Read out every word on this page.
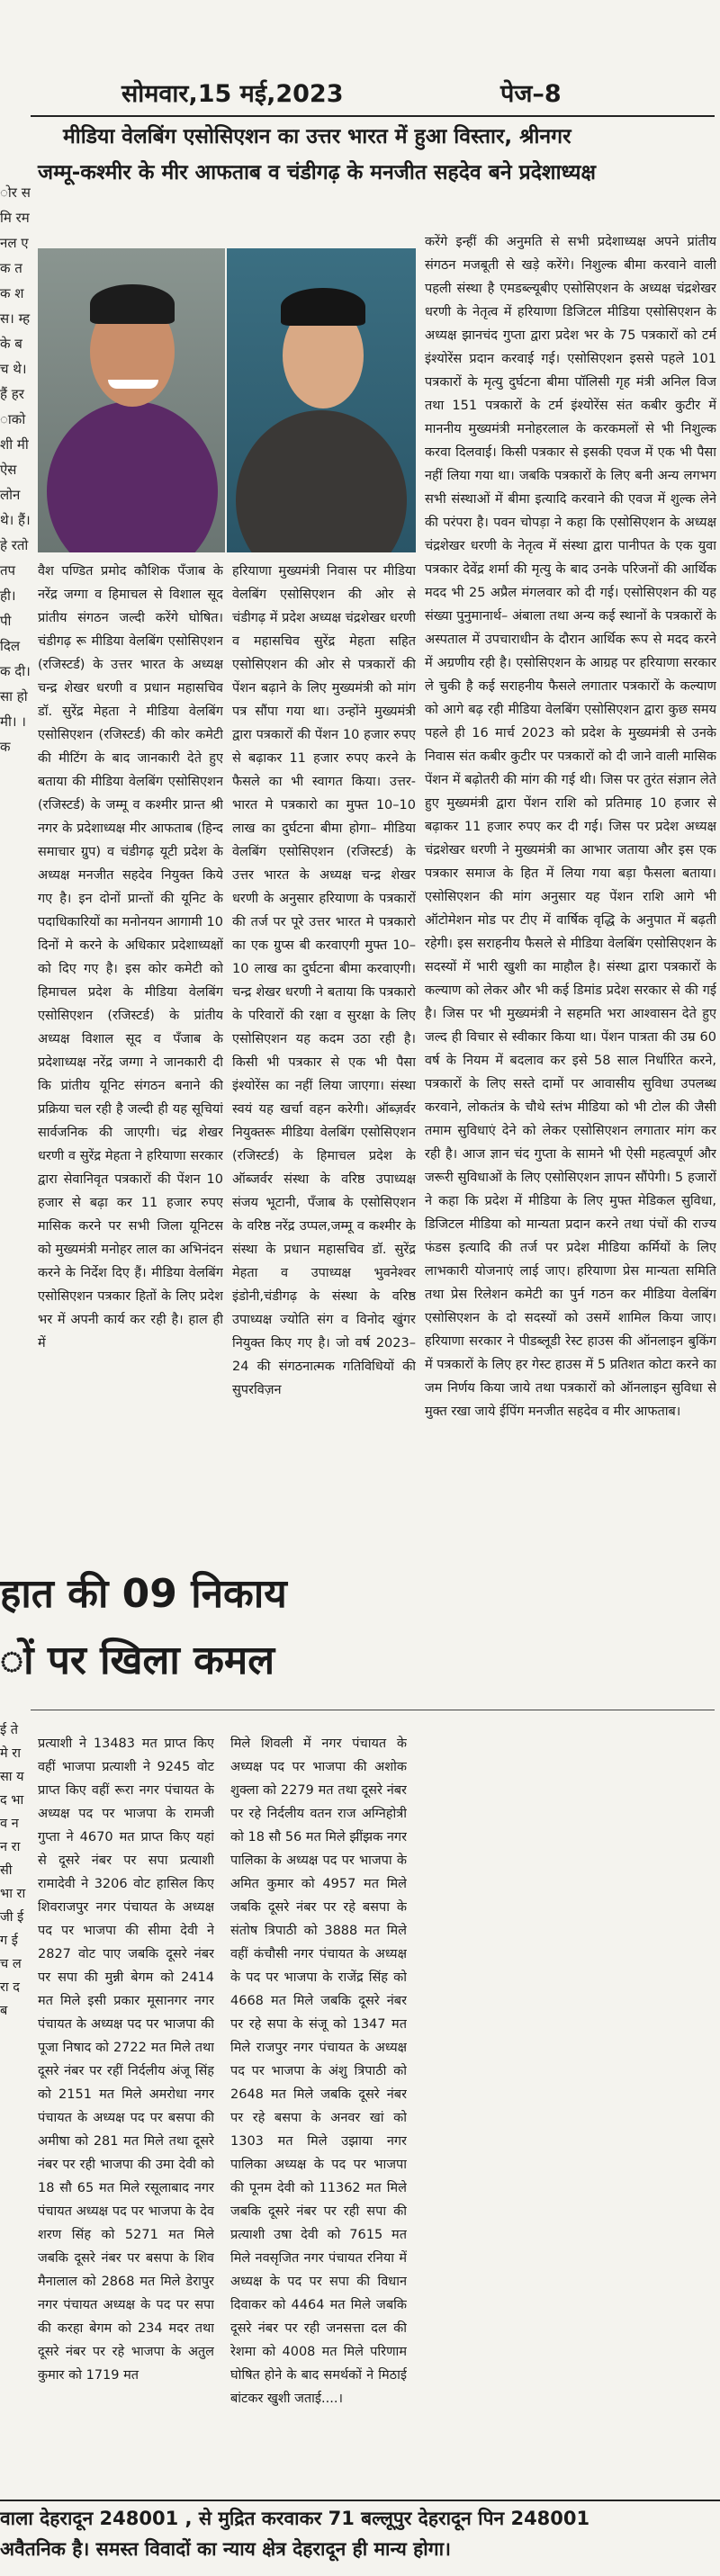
सोमवार,15 मई,2023	पेज–8
मीडिया वेलबिंग एसोसिएशन का उत्तर भारत में हुआ विस्तार, श्रीनगर
जम्मू-कश्मीर के मीर आफताब व चंडीगढ़ के मनजीत सहदेव बने प्रदेशाध्यक्ष
ोर स मि रम नल एक तक शस। म्ह के बच थे। हैं हर ाको शी मी ऐस लोन थे। हैं। हे रतो तप ही। पी दिल क दी। सा हो मी। ।क

वैश पण्डित प्रमोद कौशिक पँजाब के नरेंद्र जग्गा व हिमाचल से विशाल सूद प्रांतीय संगठन जल्दी करेंगे घोषित। चंडीगढ़ रू मीडिया वेलबिंग एसोसिएशन (रजिस्टर्ड) के उत्तर भारत के अध्यक्ष चन्द्र शेखर धरणी व प्रधान महासचिव डॉ. सुरेंद्र मेहता ने मीडिया वेलबिंग एसोसिएशन (रजिस्टर्ड) की कोर कमेटी की मीटिंग के बाद जानकारी देते हुए बताया की मीडिया वेलबिंग एसोसिएशन (रजिस्टर्ड) के जम्मू व कश्मीर प्रान्त श्री नगर के प्रदेशाध्यक्ष मीर आफताब (हिन्द समाचार ग्रुप) व चंडीगढ़ यूटी प्रदेश के अध्यक्ष मनजीत सहदेव नियुक्त किये गए है। इन दोनों प्रान्तों की यूनिट के पदाधिकारियों का मनोनयन आगामी 10 दिनों मे करने के अधिकार प्रदेशाध्यक्षों को दिए गए है। इस कोर कमेटी को हिमाचल प्रदेश के मीडिया वेलबिंग एसोसिएशन (रजिस्टर्ड) के प्रांतीय अध्यक्ष विशाल सूद व पँजाब के प्रदेशाध्यक्ष नरेंद्र जग्गा ने जानकारी दी कि प्रांतीय यूनिट संगठन बनाने की प्रक्रिया चल रही है जल्दी ही यह सूचियां सार्वजनिक की जाएगी। चंद्र शेखर धरणी व सुरेंद्र मेहता ने हरियाणा सरकार द्वारा सेवानिवृत पत्रकारों की पेंशन 10 हजार से बढ़ा कर 11 हजार रुपए मासिक करने पर सभी जिला यूनिटस को मुख्यमंत्री मनोहर लाल का अभिनंदन करने के निर्देश दिए हैं। मीडिया वेलबिंग एसोसिएशन पत्रकार हितों के लिए प्रदेश भर में अपनी कार्य कर रही है। हाल ही में

हरियाणा मुख्यमंत्री निवास पर मीडिया वेलबिंग एसोसिएशन की ओर से चंडीगढ़ में प्रदेश अध्यक्ष चंद्रशेखर धरणी व महासचिव सुरेंद्र मेहता सहित एसोसिएशन की ओर से पत्रकारों की पेंशन बढ़ाने के लिए मुख्यमंत्री को मांग पत्र सौंपा गया था। उन्होंने मुख्यमंत्री द्वारा पत्रकारों की पेंशन 10 हजार रुपए से बढ़ाकर 11 हजार रुपए करने के फैसले का भी स्वागत किया। उत्तर-भारत मे पत्रकारो का मुफ्त 10–10 लाख का दुर्घटना बीमा होगा– मीडिया वेलबिंग एसोसिएशन (रजिस्टर्ड) के उत्तर भारत के अध्यक्ष चन्द्र शेखर धरणी के अनुसार हरियाणा के पत्रकारों की तर्ज पर पूरे उत्तर भारत मे पत्रकारो का एक ग्रुप्स बी करवाएगी मुफ्त 10–10 लाख का दुर्घटना बीमा करवाएगी। चन्द्र शेखर धरणी ने बताया कि पत्रकारो के परिवारों की रक्षा व सुरक्षा के लिए एसोसिएशन यह कदम उठा रही है। किसी भी पत्रकार से एक भी पैसा इंश्योरेंस का नहीं लिया जाएगा। संस्था स्वयं यह खर्चा वहन करेगी। ऑब्ज़र्वर नियुक्तरू मीडिया वेलबिंग एसोसिएशन (रजिस्टर्ड) के हिमाचल प्रदेश के ऑब्जर्वर संस्था के वरिष्ठ उपाध्यक्ष संजय भूटानी, पँजाब के एसोसिएशन के वरिष्ठ नरेंद्र उप्पल,जम्मू व कश्मीर के संस्था के प्रधान महासचिव डॉ. सुरेंद्र मेहता व उपाध्यक्ष भुवनेश्वर इंडोनी,चंडीगढ़ के संस्था के वरिष्ठ उपाध्यक्ष ज्योति संग व विनोद खुंगर नियुक्त किए गए है। जो वर्ष 2023–24 की संगठनात्मक गतिविधियों की सुपरविज़न

करेंगे इन्हीं की अनुमति से सभी प्रदेशाध्यक्ष अपने प्रांतीय संगठन मजबूती से खड़े करेंगे। निशुल्क बीमा करवाने वाली पहली संस्था है एमडब्ल्यूबीए एसोसिएशन के अध्यक्ष चंद्रशेखर धरणी के नेतृत्व में हरियाणा डिजिटल मीडिया एसोसिएशन के अध्यक्ष झानचंद गुप्ता द्वारा प्रदेश भर के 75 पत्रकारों को टर्म इंश्योरेंस प्रदान करवाई गई। एसोसिएशन इससे पहले 101 पत्रकारों के मृत्यु दुर्घटना बीमा पॉलिसी गृह मंत्री अनिल विज तथा 151 पत्रकारों के टर्म इंश्योरेंस संत कबीर कुटीर में माननीय मुख्यमंत्री मनोहरलाल के करकमलों से भी निशुल्क करवा दिलवाई। किसी पत्रकार से इसकी एवज में एक भी पैसा नहीं लिया गया था। जबकि पत्रकारों के लिए बनी अन्य लगभग सभी संस्थाओं में बीमा इत्यादि करवाने की एवज में शुल्क लेने की परंपरा है। पवन चोपड़ा ने कहा कि एसोसिएशन के अध्यक्ष चंद्रशेखर धरणी के नेतृत्व में संस्था द्वारा पानीपत के एक युवा पत्रकार देवेंद्र शर्मा की मृत्यु के बाद उनके परिजनों की आर्थिक मदद भी 25 अप्रैल मंगलवार को दी गई। एसोसिएशन की यह संख्या पुनुमानार्थ– अंबाला तथा अन्य कई स्थानों के पत्रकारों के अस्पताल में उपचाराधीन के दौरान आर्थिक रूप से मदद करने में अग्रणीय रही है। एसोसिएशन के आग्रह पर हरियाणा सरकार ले चुकी है कई सराहनीय फैसले लगातार पत्रकारों के कल्याण को आगे बढ़ रही मीडिया वेलबिंग एसोसिएशन द्वारा कुछ समय पहले ही 16 मार्च 2023 को प्रदेश के मुख्यमंत्री से उनके निवास संत कबीर कुटीर पर पत्रकारों को दी जाने वाली मासिक पेंशन में बढ़ोतरी की मांग की गई थी। जिस पर तुरंत संज्ञान लेते हुए मुख्यमंत्री द्वारा पेंशन राशि को प्रतिमाह 10 हजार से बढ़ाकर 11 हजार रुपए कर दी गई। जिस पर प्रदेश अध्यक्ष चंद्रशेखर धरणी ने मुख्यमंत्री का आभार जताया और इस एक पत्रकार समाज के हित में लिया गया बड़ा फैसला बताया। एसोसिएशन की मांग अनुसार यह पेंशन राशि आगे भी ऑटोमेशन मोड पर टीए में वार्षिक वृद्धि के अनुपात में बढ़ती रहेगी। इस सराहनीय फैसले से मीडिया वेलबिंग एसोसिएशन के सदस्यों में भारी खुशी का माहौल है। संस्था द्वारा पत्रकारों के कल्याण को लेकर और भी कई डिमांड प्रदेश सरकार से की गई है। जिस पर भी मुख्यमंत्री ने सहमति भरा आश्वासन देते हुए जल्द ही विचार से स्वीकार किया था। पेंशन पात्रता की उम्र 60 वर्ष के नियम में बदलाव कर इसे 58 साल निर्धारित करने, पत्रकारों के लिए सस्ते दामों पर आवासीय सुविधा उपलब्ध करवाने, लोकतंत्र के चौथे स्तंभ मीडिया को भी टोल की जैसी तमाम सुविधाएं देने को लेकर एसोसिएशन लगातार मांग कर रही है। आज ज्ञान चंद गुप्ता के सामने भी ऐसी महत्वपूर्ण और जरूरी सुविधाओं के लिए एसोसिएशन ज्ञापन सौंपेगी। 5 हजारों ने कहा कि प्रदेश में मीडिया के लिए मुफ्त मेडिकल सुविधा, डिजिटल मीडिया को मान्यता प्रदान करने तथा पंचों की राज्य फंडस इत्यादि की तर्ज पर प्रदेश मीडिया कर्मियों के लिए लाभकारी योजनाएं लाई जाए। हरियाणा प्रेस मान्यता समिति तथा प्रेस रिलेशन कमेटी का पुर्न गठन कर मीडिया वेलबिंग एसोसिएशन के दो सदस्यों को उसमें शामिल किया जाए। हरियाणा सरकार ने पीडब्लूडी रेस्ट हाउस की ऑनलाइन बुकिंग में पत्रकारों के लिए हर गेस्ट हाउस में 5 प्रतिशत कोटा करने का जम निर्णय किया जाये तथा पत्रकारों को ऑनलाइन सुविधा से मुक्त रखा जाये ईपिंग मनजीत सहदेव व मीर आफताब।

हात की 09 निकाय
ों पर खिला कमल
ई ते मे रा सा यद भा व न न रा सी भा रा जी ई ग ई च ल रा द ब

प्रत्याशी ने 13483 मत प्राप्त किए वहीं भाजपा प्रत्याशी ने 9245 वोट प्राप्त किए वहीं रूरा नगर पंचायत के अध्यक्ष पद पर भाजपा के रामजी गुप्ता ने 4670 मत प्राप्त किए यहां से दूसरे नंबर पर सपा प्रत्याशी रामादेवी ने 3206 वोट हासिल किए शिवराजपुर नगर पंचायत के अध्यक्ष पद पर भाजपा की सीमा देवी ने 2827 वोट पाए जबकि दूसरे नंबर पर सपा की मुन्नी बेगम को 2414 मत मिले इसी प्रकार मूसानगर नगर पंचायत के अध्यक्ष पद पर भाजपा की पूजा निषाद को 2722 मत मिले तथा दूसरे नंबर पर रहीं निर्दलीय अंजू सिंह को 2151 मत मिले अमरोधा नगर पंचायत के अध्यक्ष पद पर बसपा की अमीषा को 281 मत मिले तथा दूसरे नंबर पर रही भाजपा की उमा देवी को 18 सौ 65 मत मिले रसूलाबाद नगर पंचायत अध्यक्ष पद पर भाजपा के देव शरण सिंह को 5271 मत मिले जबकि दूसरे नंबर पर बसपा के शिव मैनालाल को 2868 मत मिले डेरापुर नगर पंचायत अध्यक्ष के पद पर सपा की करहा बेगम को 234 मदर तथा दूसरे नंबर पर रहे भाजपा के अतुल कुमार को 1719 मत

मिले शिवली में नगर पंचायत के अध्यक्ष पद पर भाजपा की अशोक शुक्ला को 2279 मत तथा दूसरे नंबर पर रहे निर्दलीय वतन राज अग्निहोत्री को 18 सौ 56 मत मिले झींझक नगर पालिका के अध्यक्ष पद पर भाजपा के अमित कुमार को 4957 मत मिले जबकि दूसरे नंबर पर रहे बसपा के संतोष त्रिपाठी को 3888 मत मिले वहीं कंचौसी नगर पंचायत के अध्यक्ष के पद पर भाजपा के राजेंद्र सिंह को 4668 मत मिले जबकि दूसरे नंबर पर रहे सपा के संजू को 1347 मत मिले राजपुर नगर पंचायत के अध्यक्ष पद पर भाजपा के अंशु त्रिपाठी को 2648 मत मिले जबकि दूसरे नंबर पर रहे बसपा के अनवर खां को 1303 मत मिले उझाया नगर पालिका अध्यक्ष के पद पर भाजपा की पूनम देवी को 11362 मत मिले जबकि दूसरे नंबर पर रही सपा की प्रत्याशी उषा देवी को 7615 मत मिले नवसृजित नगर पंचायत रनिया में अध्यक्ष के पद पर सपा की विधान दिवाकर को 4464 मत मिले जबकि दूसरे नंबर पर रही जनसत्ता दल की रेशमा को 4008 मत मिले परिणाम घोषित होने के बाद समर्थकों ने मिठाई बांटकर खुशी जताई....।

वाला देहरादून 248001 , से मुद्रित करवाकर 71 बल्लूपुर देहरादून पिन 248001
अवैतनिक है। समस्त विवादों का न्याय क्षेत्र देहरादून ही मान्य होगा।
